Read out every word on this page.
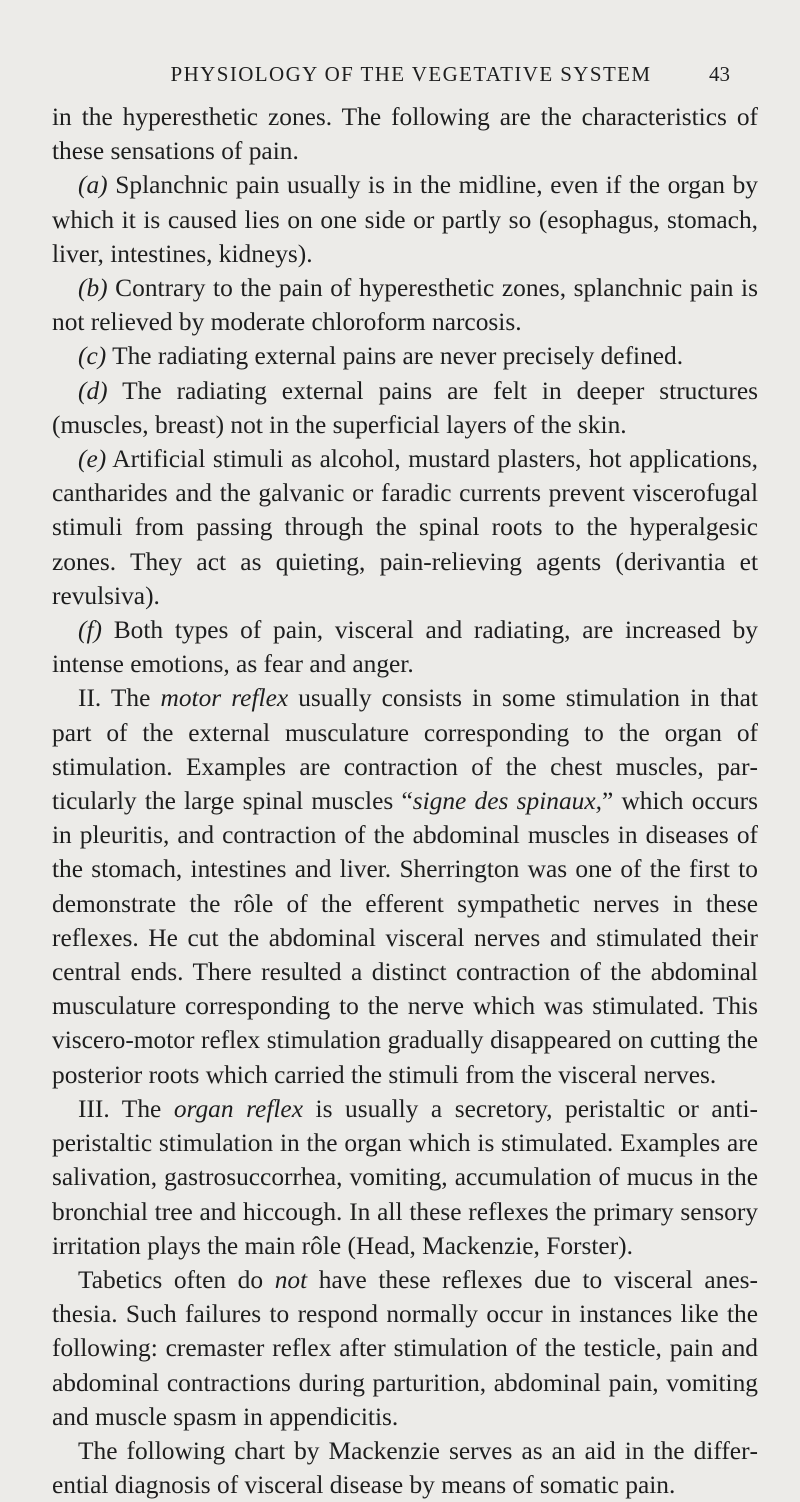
PHYSIOLOGY OF THE VEGETATIVE SYSTEM	43

in the hyperesthetic zones. The following are the characteristics of these sensations of pain.

(a) Splanchnic pain usually is in the midline, even if the organ by which it is caused lies on one side or partly so (esophagus, stomach, liver, intestines, kidneys).

(b) Contrary to the pain of hyperesthetic zones, splanchnic pain is not relieved by moderate chloroform narcosis.

(c) The radiating external pains are never precisely defined.

(d) The radiating external pains are felt in deeper structures (muscles, breast) not in the superficial layers of the skin.

(e) Artificial stimuli as alcohol, mustard plasters, hot applications, cantharides and the galvanic or faradic currents prevent viscerofugal stimuli from passing through the spinal roots to the hyperalgesic zones. They act as quieting, pain-relieving agents (derivantia et revulsiva).

(f) Both types of pain, visceral and radiating, are increased by intense emotions, as fear and anger.

II. The motor reflex usually consists in some stimulation in that part of the external musculature corresponding to the organ of stimulation. Examples are contraction of the chest muscles, particularly the large spinal muscles “signe des spinaux,” which occurs in pleuritis, and contraction of the abdominal muscles in diseases of the stomach, intestines and liver. Sherrington was one of the first to demonstrate the rôle of the efferent sympathetic nerves in these reflexes. He cut the abdominal visceral nerves and stimulated their central ends. There resulted a distinct contraction of the abdominal musculature corresponding to the nerve which was stimulated. This viscero-motor reflex stimulation gradually disappeared on cutting the posterior roots which carried the stimuli from the visceral nerves.

III. The organ reflex is usually a secretory, peristaltic or antiperistaltic stimulation in the organ which is stimulated. Examples are salivation, gastrosuccorrhea, vomiting, accumulation of mucus in the bronchial tree and hiccough. In all these reflexes the primary sensory irritation plays the main rôle (Head, Mackenzie, Forster).

Tabetics often do not have these reflexes due to visceral anesthesia. Such failures to respond normally occur in instances like the following: cremaster reflex after stimulation of the testicle, pain and abdominal contractions during parturition, abdominal pain, vomiting and muscle spasm in appendicitis.

The following chart by Mackenzie serves as an aid in the differential diagnosis of visceral disease by means of somatic pain.
